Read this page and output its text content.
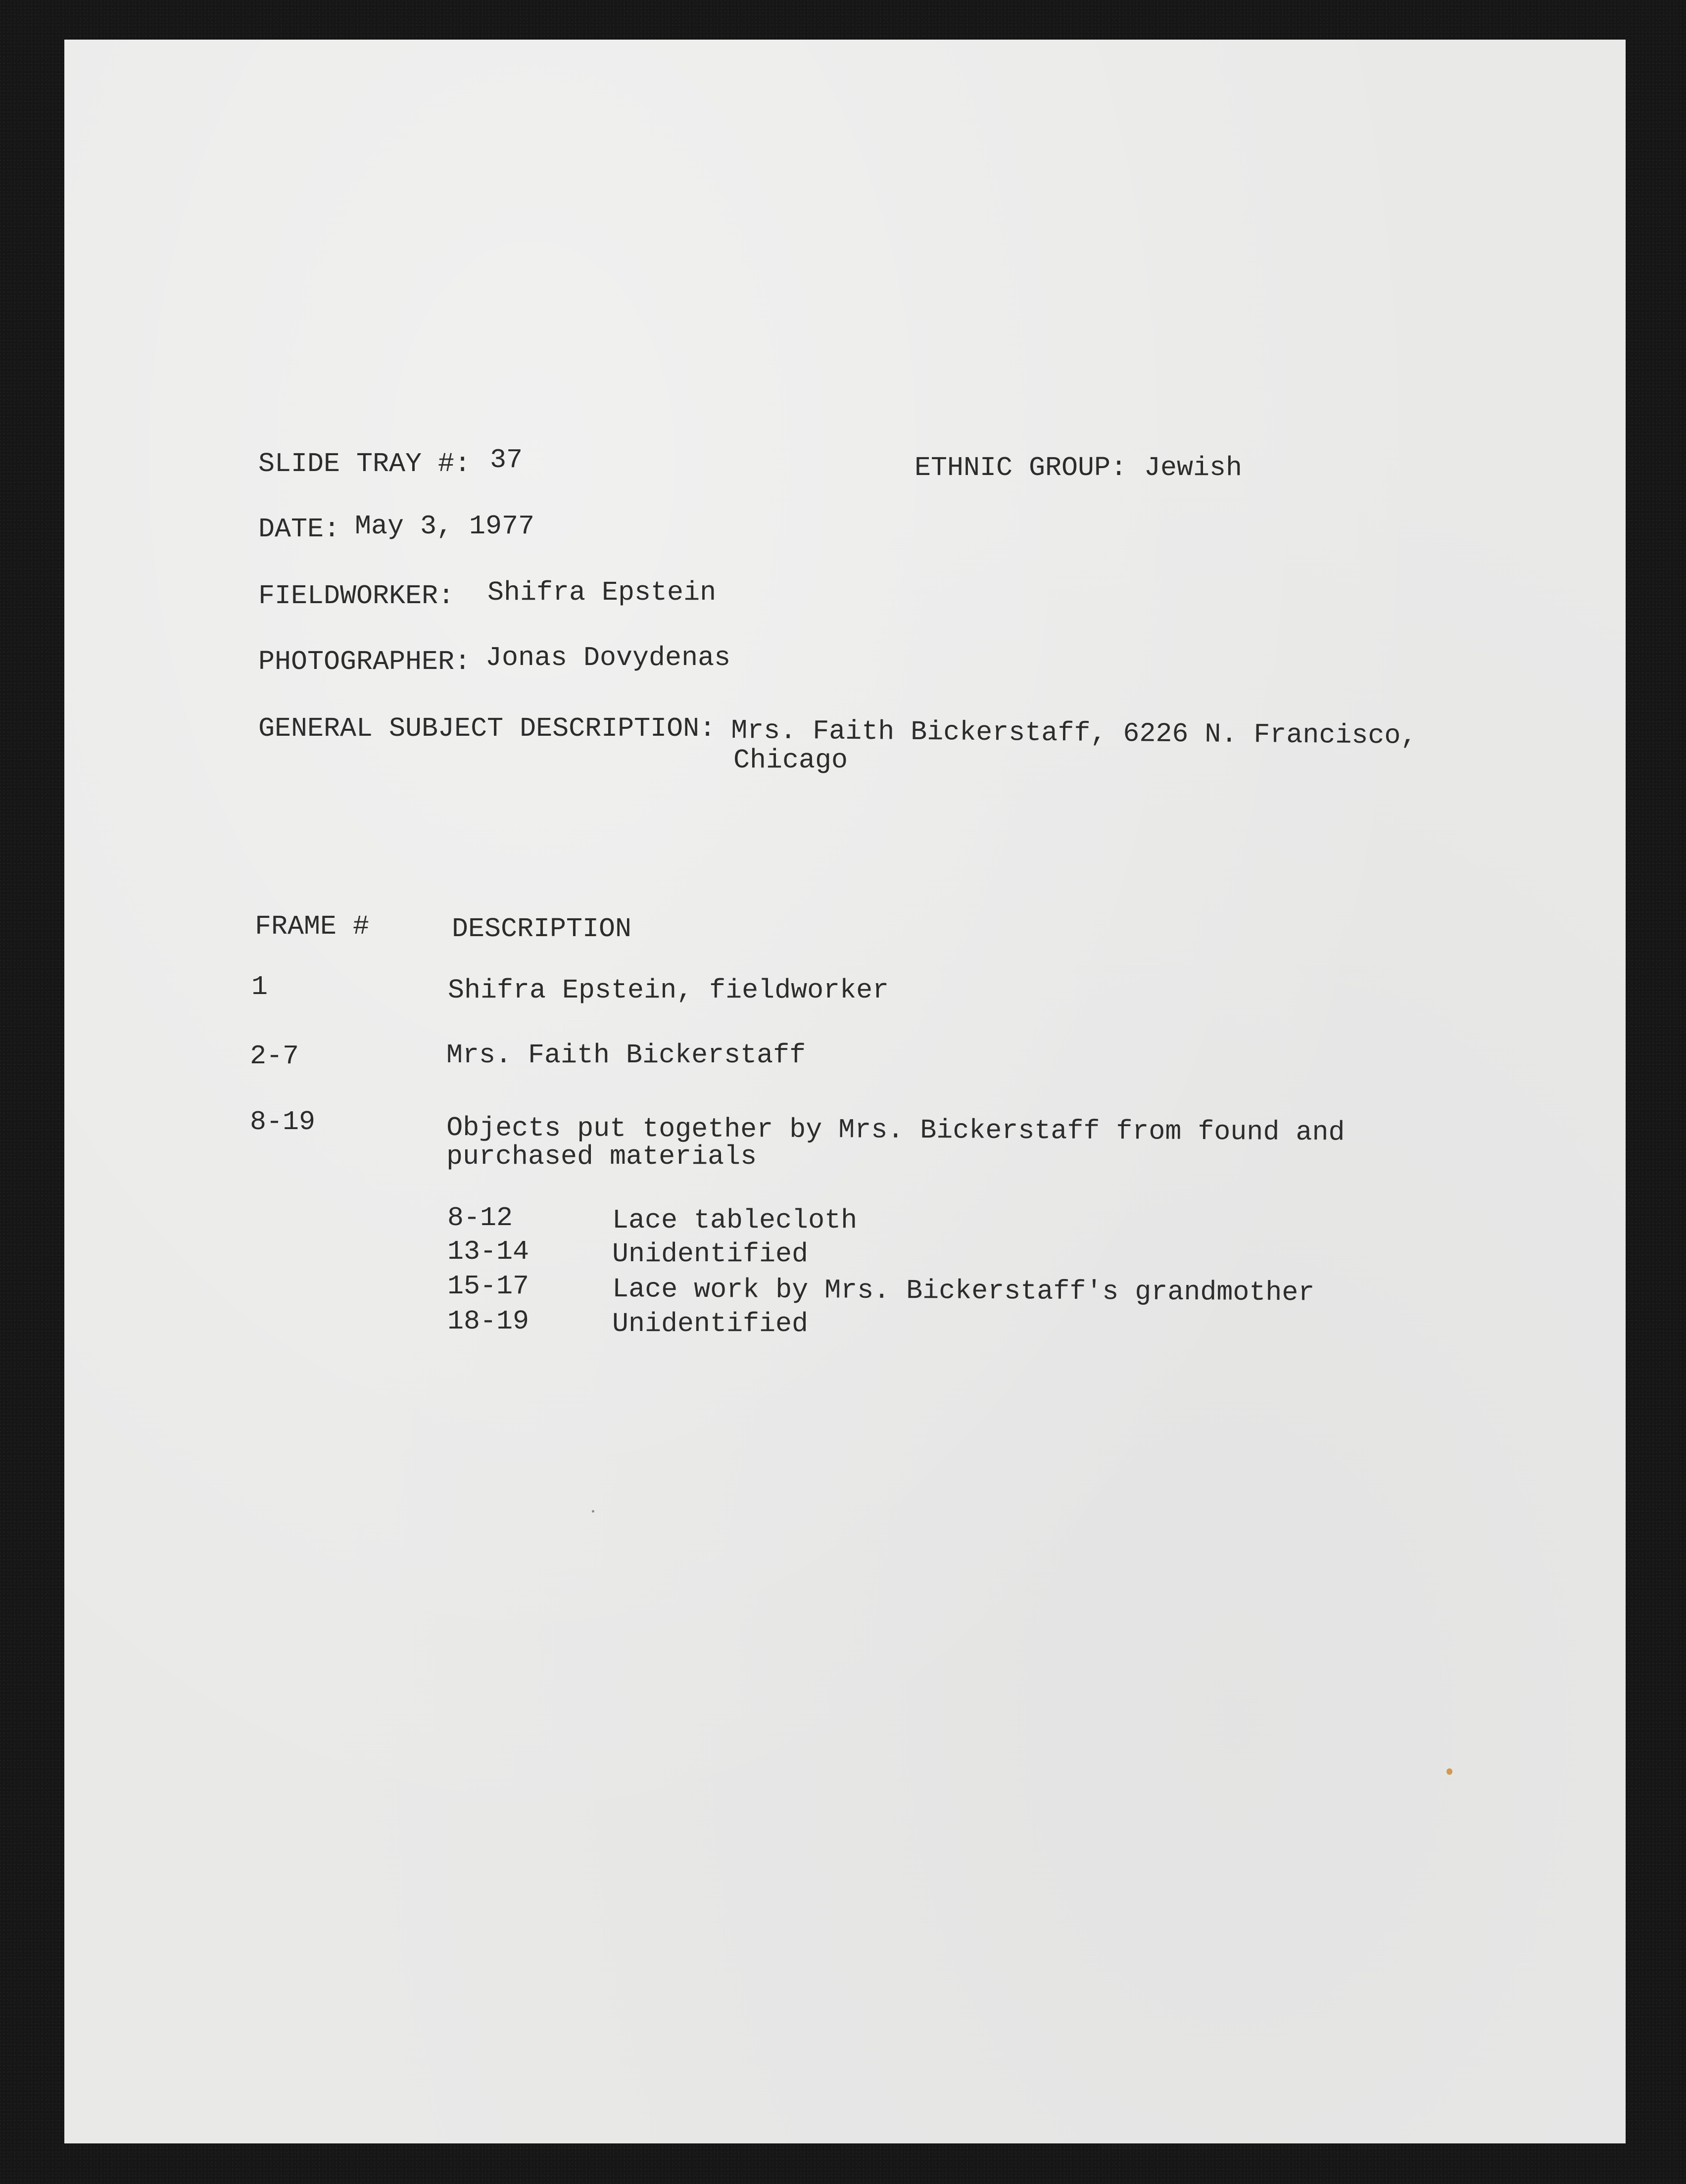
SLIDE TRAY #: 37	ETHNIC GROUP: Jewish
DATE: May 3, 1977
FIELDWORKER: Shifra Epstein
PHOTOGRAPHER: Jonas Dovydenas
GENERAL SUBJECT DESCRIPTION: Mrs. Faith Bickerstaff, 6226 N. Francisco,
Chicago
FRAME #	DESCRIPTION
1	Shifra Epstein, fieldworker
2-7	Mrs. Faith Bickerstaff
8-19	Objects put together by Mrs. Bickerstaff from found and
purchased materials
8-12	Lace tablecloth
13-14	Unidentified
15-17	Lace work by Mrs. Bickerstaff's grandmother
18-19	Unidentified
